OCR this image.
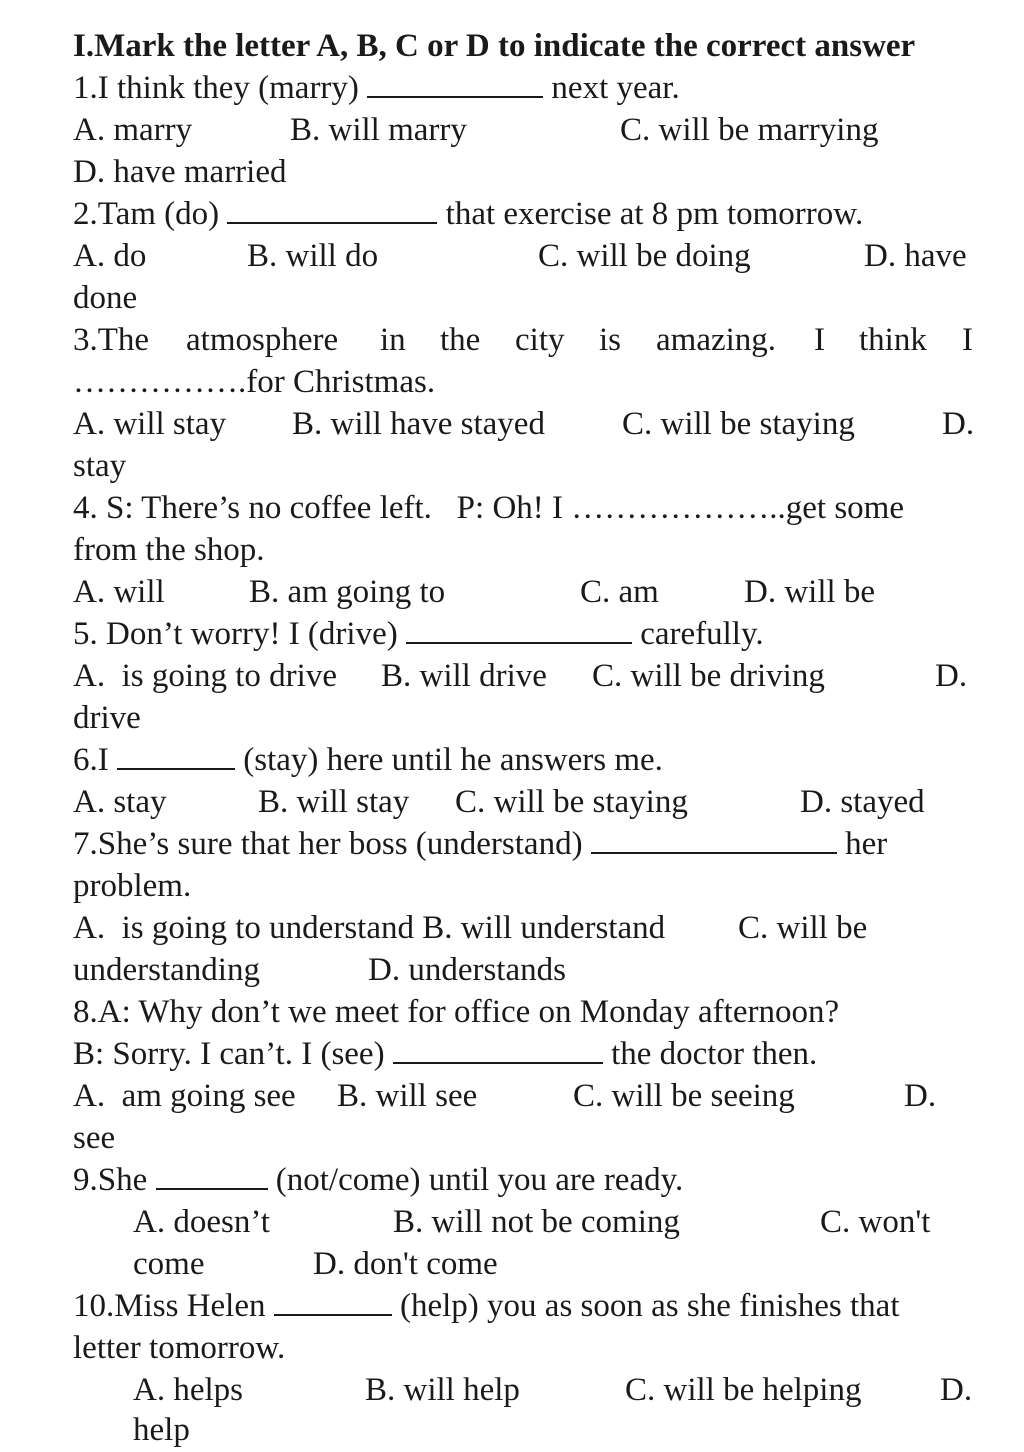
I.Mark the letter A, B, C or D to indicate the correct answer
1.I think they (marry)	next year.
A. marry	B. will marry	C. will be marrying
D. have married
2.Tam (do)	that exercise at 8 pm tomorrow.
A. do	B. will do	C. will be doing	D. have
done
3.The atmosphere in the city is amazing. I think I
…………….for Christmas.
A. will stay B. will have stayed C. will be staying	D.
stay
4. S: There’s no coffee left.   P: Oh! I ………………..get some
from the shop.
A. will	B. am going to	C. am	D. will be
5. Don’t worry! I (drive)	carefully.
A.  is going to drive B. will drive C. will be driving	D.
drive
6.I	(stay) here until he answers me.
A. stay	B. will stay C. will be staying	D. stayed
7.She’s sure that her boss (understand)	her
problem.
A.  is going to understand B. will understand C. will be
understanding	D. understands
8.A: Why don’t we meet for office on Monday afternoon?
B: Sorry. I can’t. I (see)	the doctor then.
A.  am going see B. will see	C. will be seeing	D.
see
9.She	(not/come) until you are ready.
A. doesn’t	B. will not be coming	C. won't
come	D. don't come
10.Miss Helen	(help) you as soon as she finishes that
letter tomorrow.
A. helps	B. will help	C. will be helping D.
help
